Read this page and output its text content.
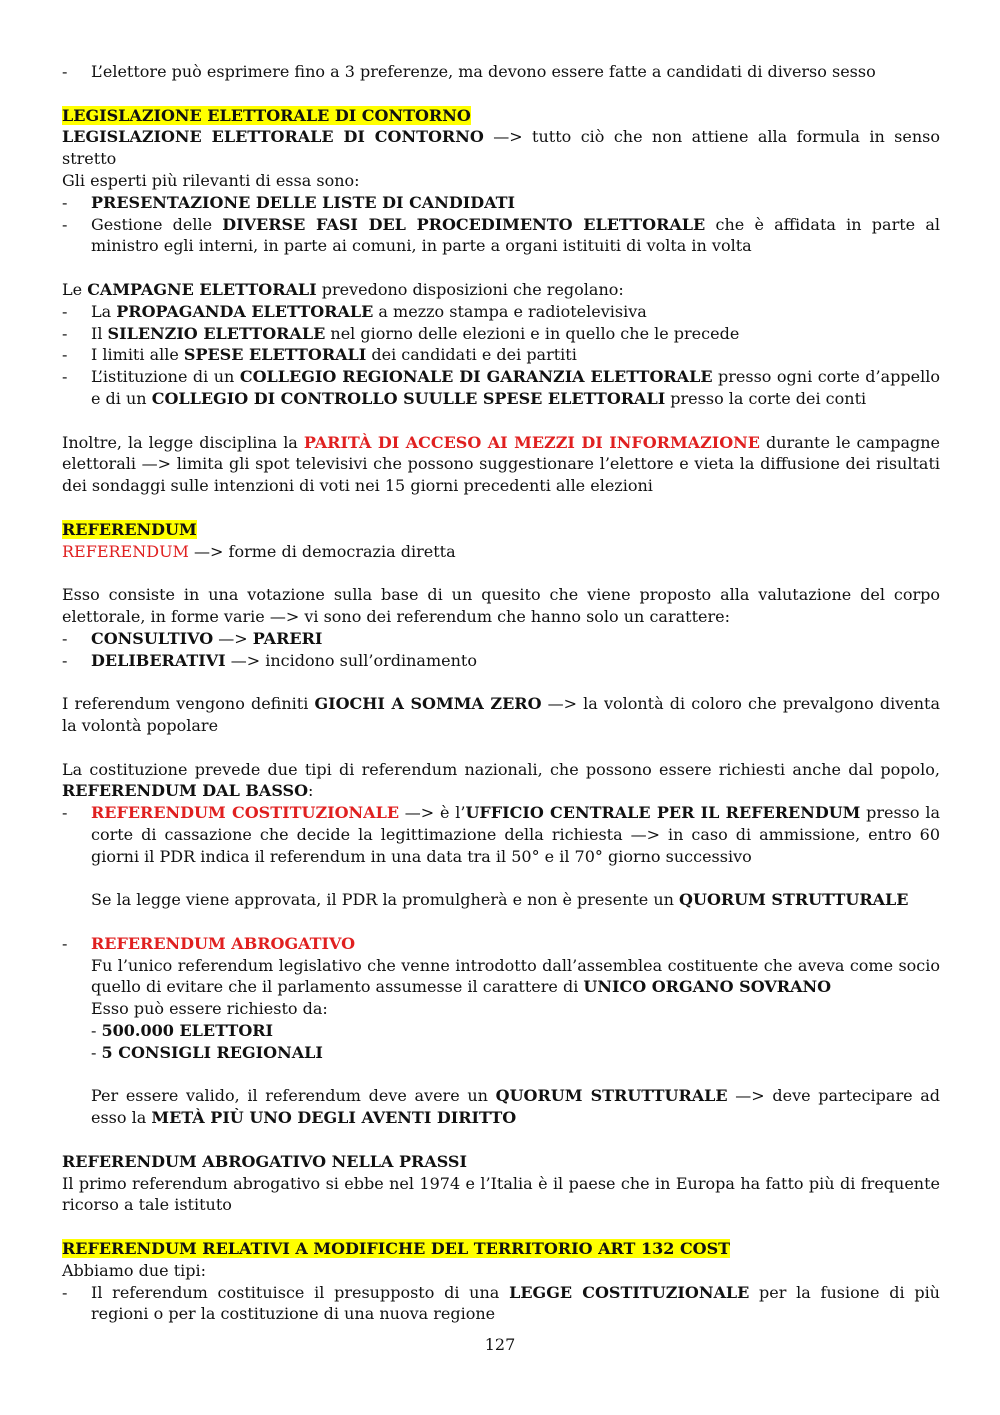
- L’elettore può esprimere fino a 3 preferenze, ma devono essere fatte a candidati di diverso sesso

LEGISLAZIONE ELETTORALE DI CONTORNO

LEGISLAZIONE ELETTORALE DI CONTORNO —> tutto ciò che non attiene alla formula in senso stretto

Gli esperti più rilevanti di essa sono:

- PRESENTAZIONE DELLE LISTE DI CANDIDATI
- Gestione delle DIVERSE FASI DEL PROCEDIMENTO ELETTORALE che è affidata in parte al ministro egli interni, in parte ai comuni, in parte a organi istituiti di volta in volta

Le CAMPAGNE ELETTORALI prevedono disposizioni che regolano:

- La PROPAGANDA ELETTORALE a mezzo stampa e radiotelevisiva
- Il SILENZIO ELETTORALE nel giorno delle elezioni e in quello che le precede
- I limiti alle SPESE ELETTORALI dei candidati e dei partiti
- L’istituzione di un COLLEGIO REGIONALE DI GARANZIA ELETTORALE presso ogni corte d’appello e di un COLLEGIO DI CONTROLLO SUULLE SPESE ELETTORALI presso la corte dei conti

Inoltre, la legge disciplina la PARITÀ DI ACCESO AI MEZZI DI INFORMAZIONE durante le campagne elettorali —> limita gli spot televisivi che possono suggestionare l’elettore e vieta la diffusione dei risultati dei sondaggi sulle intenzioni di voti nei 15 giorni precedenti alle elezioni

REFERENDUM

REFERENDUM —> forme di democrazia diretta

Esso consiste in una votazione sulla base di un quesito che viene proposto alla valutazione del corpo elettorale, in forme varie —> vi sono dei referendum che hanno solo un carattere:

- CONSULTIVO —> PARERI
- DELIBERATIVI —> incidono sull’ordinamento

I referendum vengono definiti GIOCHI A SOMMA ZERO —> la volontà di coloro che prevalgono diventa la volontà popolare

La costituzione prevede due tipi di referendum nazionali, che possono essere richiesti anche dal popolo, REFERENDUM DAL BASSO:

- REFERENDUM COSTITUZIONALE —> è l’UFFICIO CENTRALE PER IL REFERENDUM presso la corte di cassazione che decide la legittimazione della richiesta —> in caso di ammissione, entro 60 giorni il PDR indica il referendum in una data tra il 50° e il 70° giorno successivo

Se la legge viene approvata, il PDR la promulgherà e non è presente un QUORUM STRUTTURALE

- REFERENDUM ABROGATIVO

Fu l’unico referendum legislativo che venne introdotto dall’assemblea costituente che aveva come socio quello di evitare che il parlamento assumesse il carattere di UNICO ORGANO SOVRANO

Esso può essere richiesto da:

- 500.000 ELETTORI

- 5 CONSIGLI REGIONALI

Per essere valido, il referendum deve avere un QUORUM STRUTTURALE —> deve partecipare ad esso la METÀ PIÙ UNO DEGLI AVENTI DIRITTO

REFERENDUM ABROGATIVO NELLA PRASSI

Il primo referendum abrogativo si ebbe nel 1974 e l’Italia è il paese che in Europa ha fatto più di frequente ricorso a tale istituto

REFERENDUM RELATIVI A MODIFICHE DEL TERRITORIO ART 132 COST

Abbiamo due tipi:

- Il referendum costituisce il presupposto di una LEGGE COSTITUZIONALE per la fusione di più regioni o per la costituzione di una nuova regione
127
